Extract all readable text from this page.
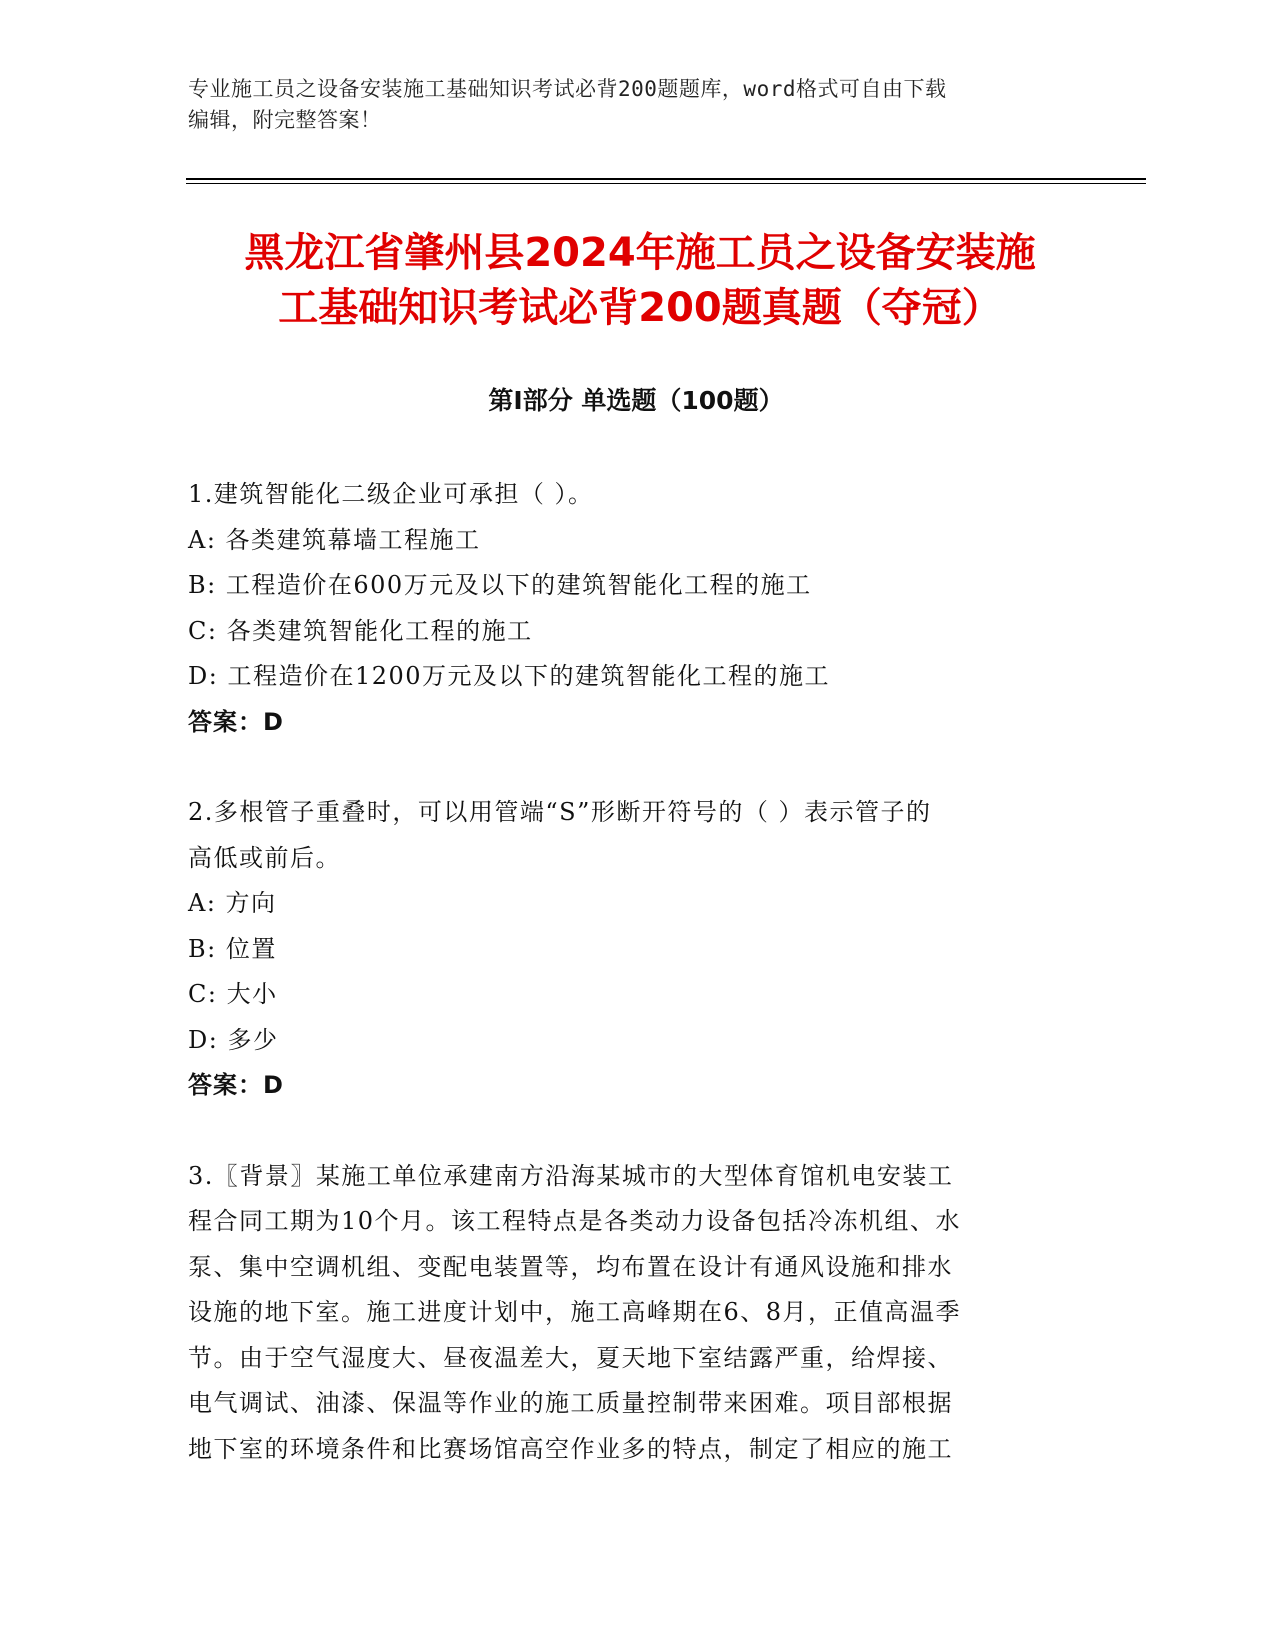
专业施工员之设备安装施工基础知识考试必背200题题库，word格式可自由下载
编辑，附完整答案！
黑龙江省肇州县2024年施工员之设备安装施
工基础知识考试必背200题真题（夺冠）
第I部分 单选题（100题）
1.建筑智能化二级企业可承担（ ）。
A: 各类建筑幕墙工程施工
B: 工程造价在600万元及以下的建筑智能化工程的施工
C: 各类建筑智能化工程的施工
D: 工程造价在1200万元及以下的建筑智能化工程的施工
答案：D
2.多根管子重叠时，可以用管端“S”形断开符号的（ ）表示管子的
高低或前后。
A: 方向
B: 位置
C: 大小
D: 多少
答案：D
3.〖背景〗某施工单位承建南方沿海某城市的大型体育馆机电安装工
程合同工期为10个月。该工程特点是各类动力设备包括冷冻机组、水
泵、集中空调机组、变配电装置等，均布置在设计有通风设施和排水
设施的地下室。施工进度计划中，施工高峰期在6、8月，正值高温季
节。由于空气湿度大、昼夜温差大，夏天地下室结露严重，给焊接、
电气调试、油漆、保温等作业的施工质量控制带来困难。项目部根据
地下室的环境条件和比赛场馆高空作业多的特点，制定了相应的施工
